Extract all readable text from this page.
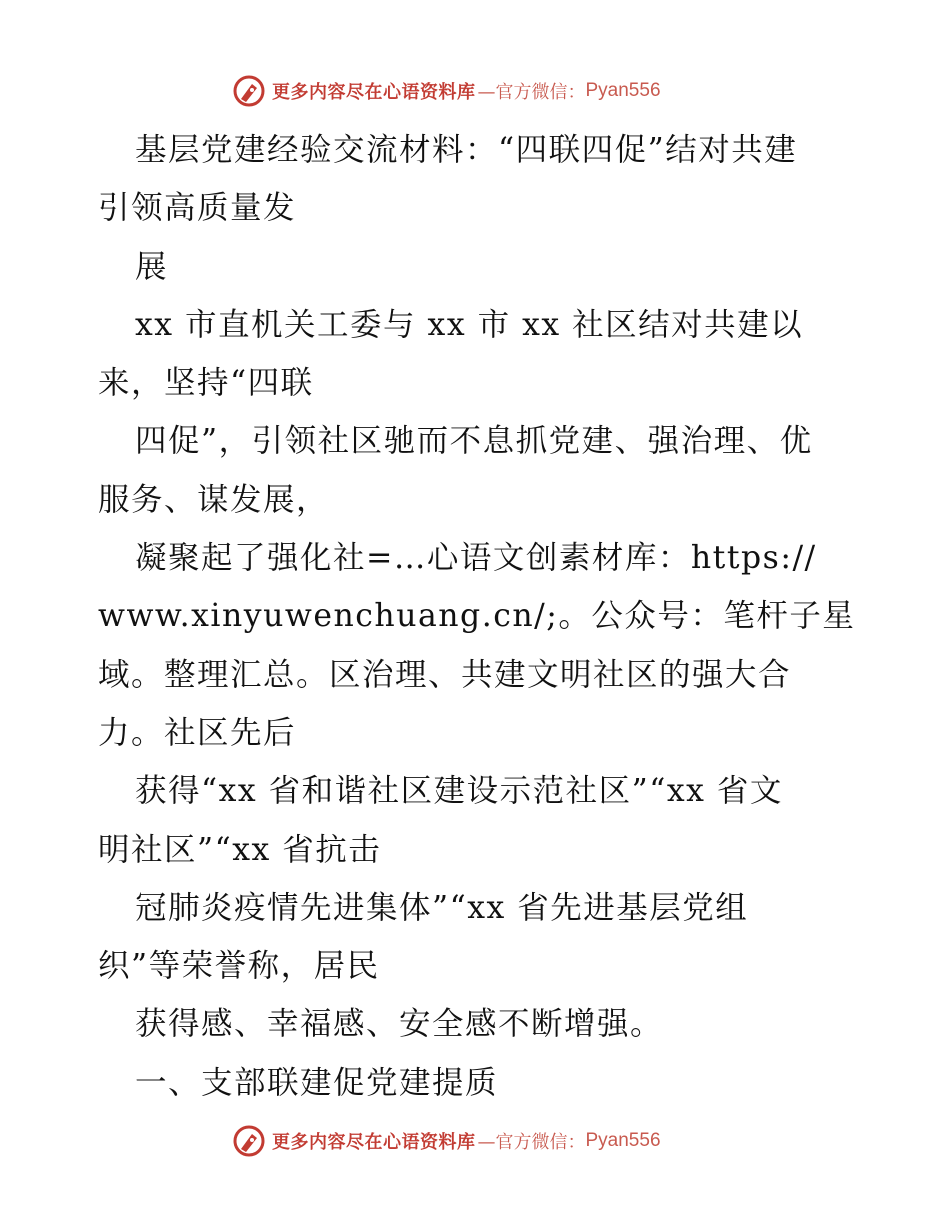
更多内容尽在心语资料库 —官方微信： Pyan556
基层党建经验交流材料：“四联四促”结对共建
引领高质量发
展
xx 市直机关工委与 xx 市 xx 社区结对共建以
来，坚持“四联
四促”，引领社区驰而不息抓党建、强治理、优
服务、谋发展，
凝聚起了强化社=…心语文创素材库：https://
www.xinyuwenchuang.cn/;。公众号：笔杆子星
域。整理汇总。区治理、共建文明社区的强大合
力。社区先后
获得“xx 省和谐社区建设示范社区”“xx 省文
明社区”“xx 省抗击
冠肺炎疫情先进集体”“xx 省先进基层党组
织”等荣誉称，居民
获得感、幸福感、安全感不断增强。
一、支部联建促党建提质
更多内容尽在心语资料库 —官方微信： Pyan556
